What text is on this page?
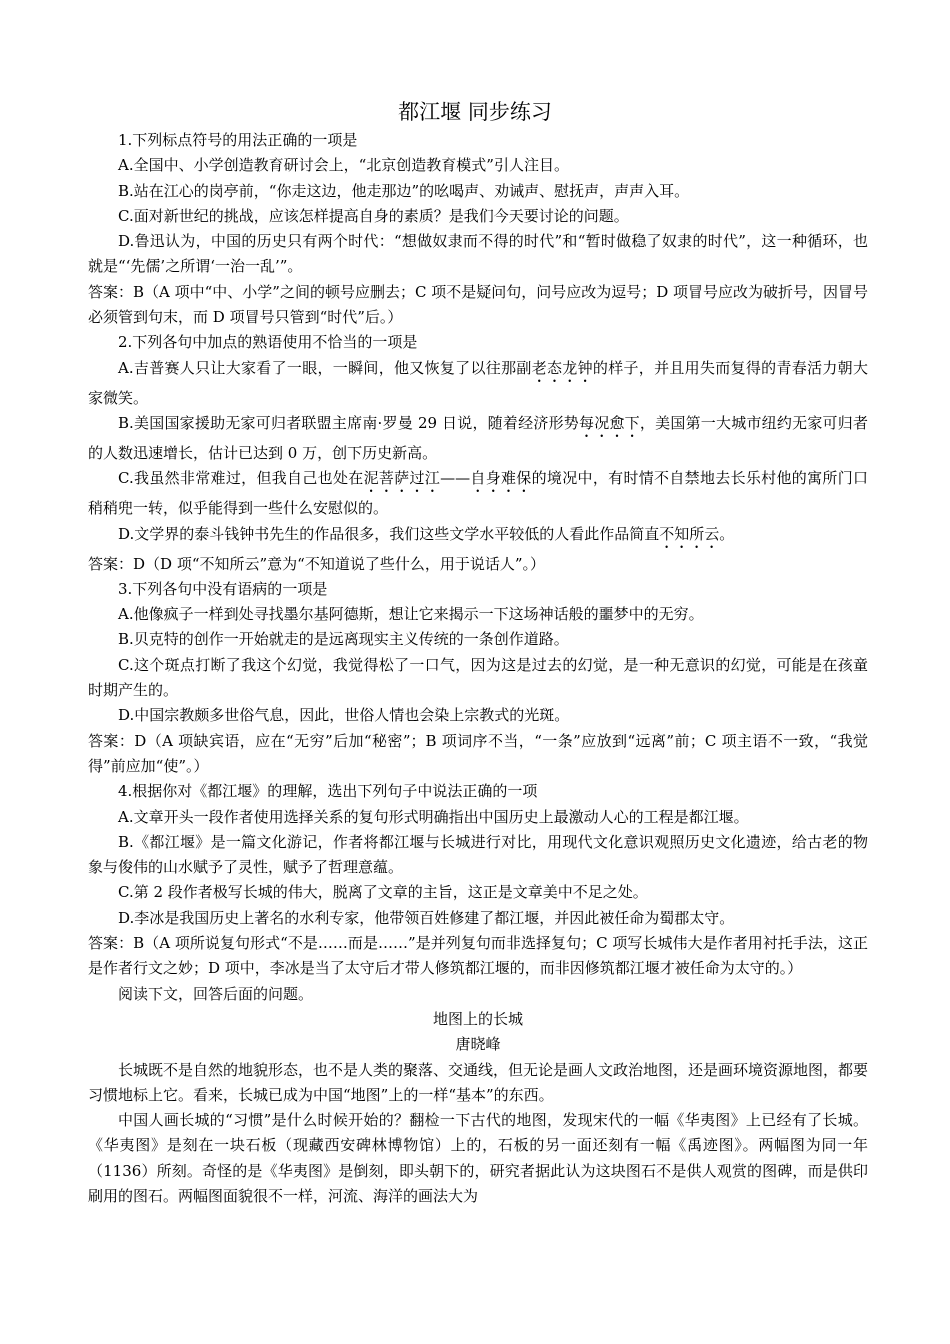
都江堰 同步练习

1.下列标点符号的用法正确的一项是

A.全国中、小学创造教育研讨会上，“北京创造教育模式”引人注目。

B.站在江心的岗亭前，“你走这边，他走那边”的吆喝声、劝诫声、慰抚声，声声入耳。

C.面对新世纪的挑战，应该怎样提高自身的素质？是我们今天要讨论的问题。

D.鲁迅认为，中国的历史只有两个时代：“想做奴隶而不得的时代”和“暂时做稳了奴隶的时代”，这一种循环，也就是“‘先儒’之所谓‘一治一乱’”。

答案：B（A 项中“中、小学”之间的顿号应删去；C 项不是疑问句，问号应改为逗号；D 项冒号应改为破折号，因冒号必须管到句末，而 D 项冒号只管到“时代”后。）

2.下列各句中加点的熟语使用不恰当的一项是

A.吉普赛人只让大家看了一眼，一瞬间，他又恢复了以往那副老态龙钟的样子，并且用失而复得的青春活力朝大家微笑。

B.美国国家援助无家可归者联盟主席南·罗曼 29 日说，随着经济形势每况愈下，美国第一大城市纽约无家可归者的人数迅速增长，估计已达到 0 万，创下历史新高。

C.我虽然非常难过，但我自己也处在泥菩萨过江——自身难保的境况中，有时情不自禁地去长乐村他的寓所门口稍稍兜一转，似乎能得到一些什么安慰似的。

D.文学界的泰斗钱钟书先生的作品很多，我们这些文学水平较低的人看此作品简直不知所云。

答案：D（D 项“不知所云”意为“不知道说了些什么，用于说话人”。）

3.下列各句中没有语病的一项是

A.他像疯子一样到处寻找墨尔基阿德斯，想让它来揭示一下这场神话般的噩梦中的无穷。

B.贝克特的创作一开始就走的是远离现实主义传统的一条创作道路。

C.这个斑点打断了我这个幻觉，我觉得松了一口气，因为这是过去的幻觉，是一种无意识的幻觉，可能是在孩童时期产生的。

D.中国宗教颇多世俗气息，因此，世俗人情也会染上宗教式的光斑。

答案：D（A 项缺宾语，应在“无穷”后加“秘密”；B 项词序不当，“一条”应放到“远离”前；C 项主语不一致，“我觉得”前应加“使”。）

4.根据你对《都江堰》的理解，选出下列句子中说法正确的一项

A.文章开头一段作者使用选择关系的复句形式明确指出中国历史上最激动人心的工程是都江堰。

B.《都江堰》是一篇文化游记，作者将都江堰与长城进行对比，用现代文化意识观照历史文化遗迹，给古老的物象与俊伟的山水赋予了灵性，赋予了哲理意蕴。

C.第 2 段作者极写长城的伟大，脱离了文章的主旨，这正是文章美中不足之处。

D.李冰是我国历史上著名的水利专家，他带领百姓修建了都江堰，并因此被任命为蜀郡太守。

答案：B（A 项所说复句形式“不是……而是……”是并列复句而非选择复句；C 项写长城伟大是作者用衬托手法，这正是作者行文之妙；D 项中，李冰是当了太守后才带人修筑都江堰的，而非因修筑都江堰才被任命为太守的。）

阅读下文，回答后面的问题。

地图上的长城

唐晓峰

长城既不是自然的地貌形态，也不是人类的聚落、交通线，但无论是画人文政治地图，还是画环境资源地图，都要习惯地标上它。看来，长城已成为中国“地图”上的一样“基本”的东西。

中国人画长城的“习惯”是什么时候开始的？翻检一下古代的地图，发现宋代的一幅《华夷图》上已经有了长城。《华夷图》是刻在一块石板（现藏西安碑林博物馆）上的，石板的另一面还刻有一幅《禹迹图》。两幅图为同一年（1136）所刻。奇怪的是《华夷图》是倒刻，即头朝下的，研究者据此认为这块图石不是供人观赏的图碑，而是供印刷用的图石。两幅图面貌很不一样，河流、海洋的画法大为
